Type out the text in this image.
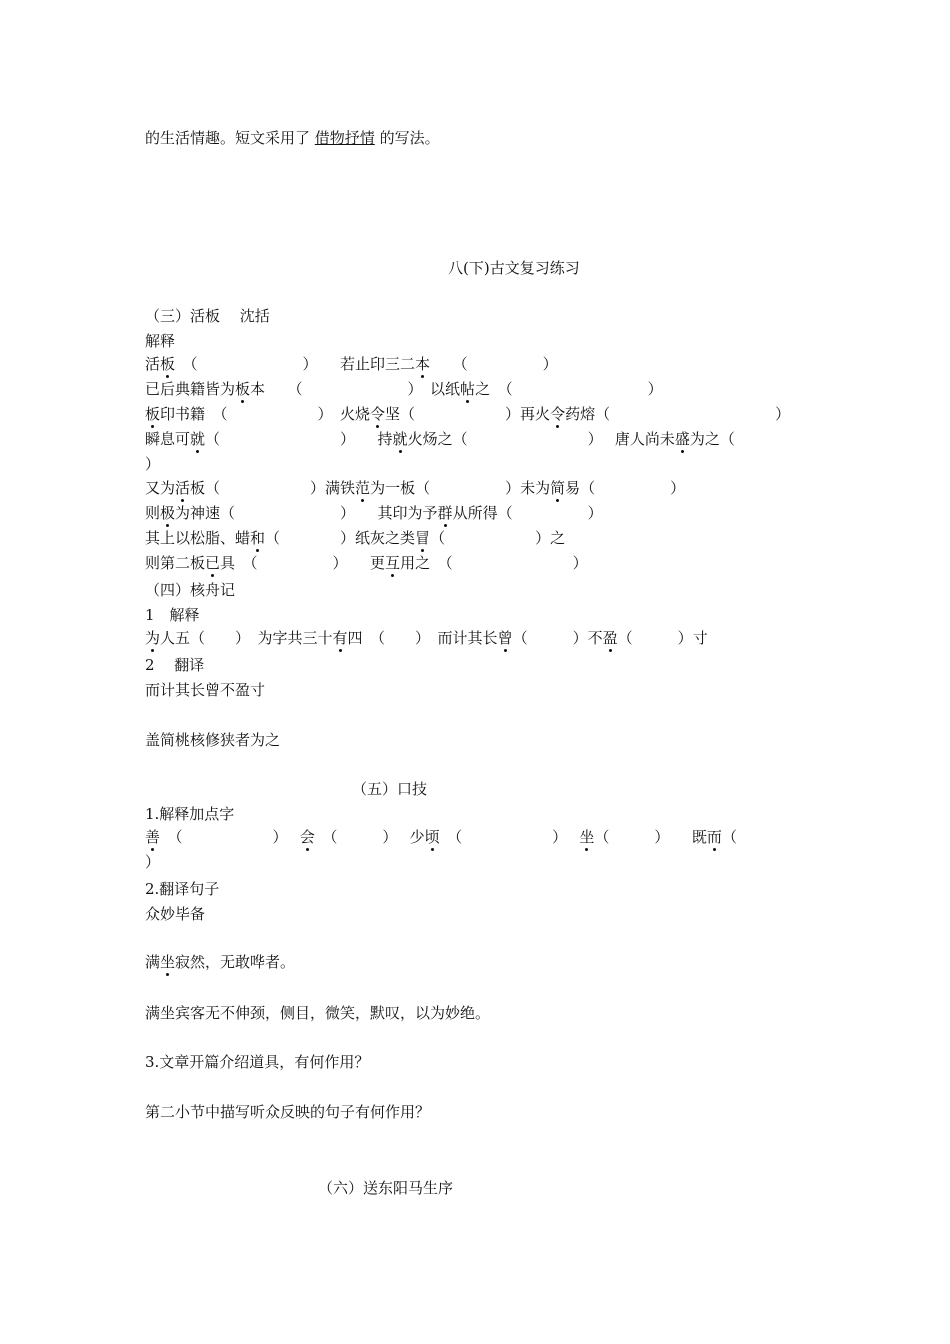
的生活情趣。短文采用了 借物抒情 的写法。
八(下)古文复习练习
（三）活板　 沈括
解释
活板　（　　　　　　　）　　若止印三二本　　（　　　　　）
已后典籍皆为板本　　（　　　　　　　）　以纸帖之　（　　　　　　　　　）
板印书籍　（　　　　　　）　火烧令坚（　　　　　　）再火令药熔（　　　　　　　　　　　）
瞬息可就（　　　　　　　　）　　持就火炀之（　　　　　　　　）　 唐人尚未盛为之（
）
又为活板（　　　　　　）满铁范为一板（　　　　　）未为简易（　　　　　）
则极为神速（　　　　　　　）　　其印为予群从所得（　　　　　）
其上以松脂、蜡和（　　　　）纸灰之类冒（　　　　　　）之
则第二板已具　（　　　　　）　　更互用之　（　　　　　　　　）
（四）核舟记
1　解释
为人五（　　）　为字共三十有四　（　　）　而计其长曾（　　　）不盈（　　　）寸
2　 翻译
而计其长曾不盈寸
盖简桃核修狭者为之
（五）口技
1.解释加点字
善　（　　　　　　）　 会　（　　　）　 少顷　（　　　　　　）　 坐（　　　）　　既而（
）
2.翻译句子
众妙毕备
满坐寂然，无敢哗者。
满坐宾客无不伸颈，侧目，微笑，默叹，以为妙绝。
3.文章开篇介绍道具，有何作用？
第二小节中描写听众反映的句子有何作用？
（六）送东阳马生序
